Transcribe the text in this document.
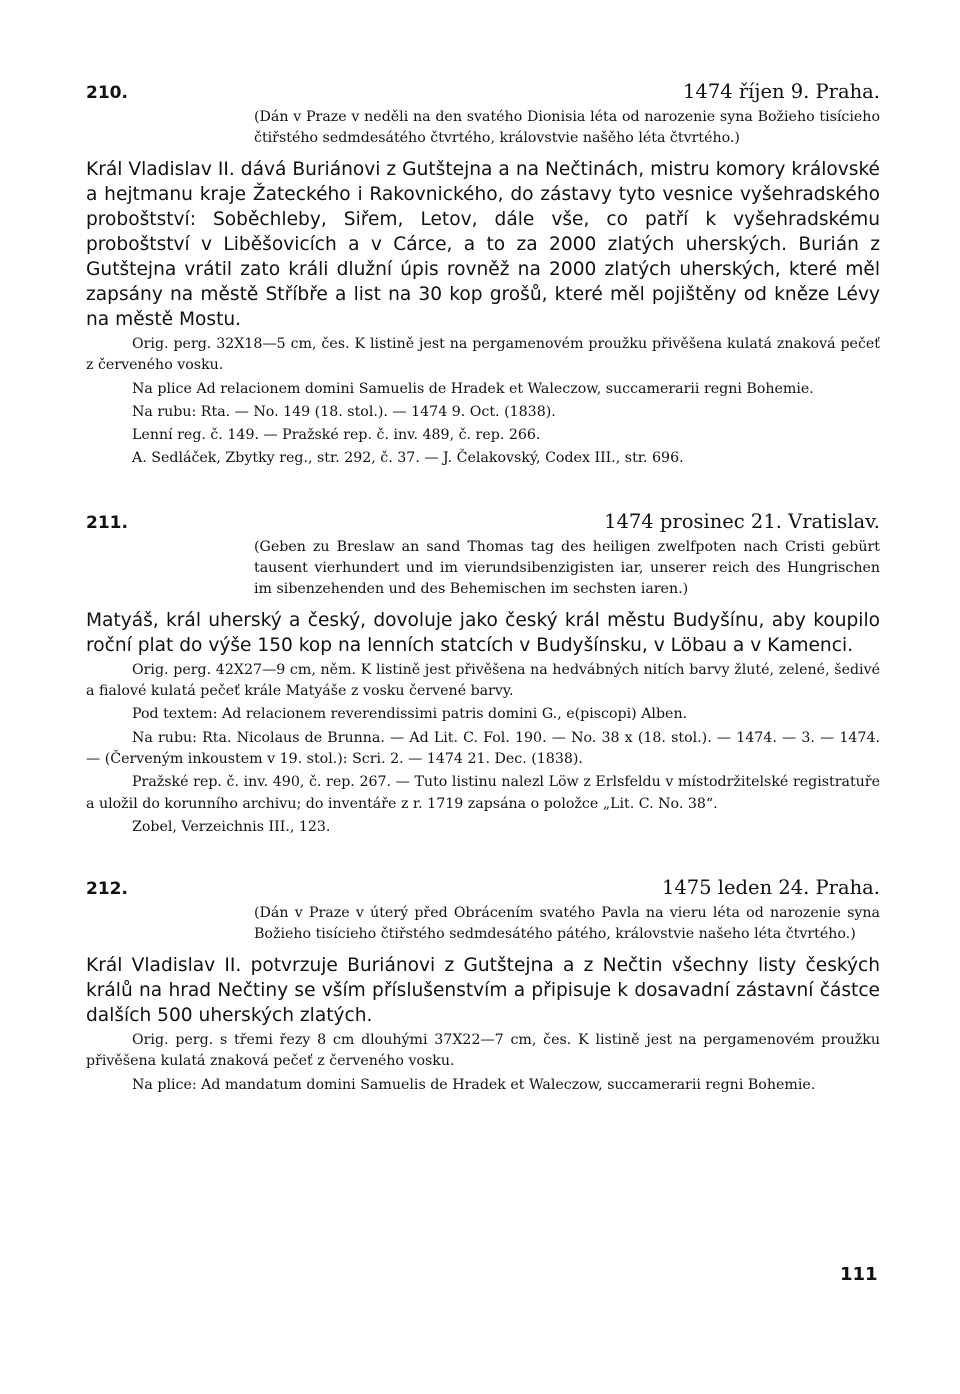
210.	1474 říjen 9. Praha.
(Dán v Praze v neděli na den svatého Dionisia léta od narozenie syna Božieho tisícieho čtiřstého sedmdesátého čtvrtého, královstvie našěho léta čtvrtého.)
Král Vladislav II. dává Buriánovi z Gutštejna a na Nečtinách, mistru komory královské a hejtmanu kraje Žateckého i Rakovnického, do zástavy tyto vesnice vyšehradského proboštství: Soběchleby, Siřem, Letov, dále vše, co patří k vyšehradskému proboštství v Liběšovicích a v Cárce, a to za 2000 zlatých uherských. Burián z Gutštejna vrátil zato králi dlužní úpis rovněž na 2000 zlatých uherských, které měl zapsány na městě Stříbře a list na 30 kop grošů, které měl pojištěny od kněze Lévy na městě Mostu.
Orig. perg. 32X18—5 cm, čes. K listině jest na pergamenovém proužku přivěšena kulatá znaková pečeť z červeného vosku.
Na plice Ad relacionem domini Samuelis de Hradek et Waleczow, succamerarii regni Bohemie.
Na rubu: Rta. — No. 149 (18. stol.). — 1474 9. Oct. (1838).
Lenní reg. č. 149. — Pražské rep. č. inv. 489, č. rep. 266.
A. Sedláček, Zbytky reg., str. 292, č. 37. — J. Čelakovský, Codex III., str. 696.
211.	1474 prosinec 21. Vratislav.
(Geben zu Breslaw an sand Thomas tag des heiligen zwelfpoten nach Cristi gebürt tausent vierhundert und im vierundsibenzigisten iar, unserer reich des Hungrischen im sibenzehenden und des Behemischen im sechsten iaren.)
Matyáš, král uherský a český, dovoluje jako český král městu Budyšínu, aby koupilo roční plat do výše 150 kop na lenních statcích v Budyšínsku, v Löbau a v Kamenci.
Orig. perg. 42X27—9 cm, něm. K listině jest přivěšena na hedvábných nitích barvy žluté, zelené, šedivé a fialové kulatá pečeť krále Matyáše z vosku červené barvy.
Pod textem: Ad relacionem reverendissimi patris domini G., e(piscopi) Alben.
Na rubu: Rta. Nicolaus de Brunna. — Ad Lit. C. Fol. 190. — No. 38 x (18. stol.). — 1474. — 3. — 1474. — (Červeným inkoustem v 19. stol.): Scri. 2. — 1474 21. Dec. (1838).
Pražské rep. č. inv. 490, č. rep. 267. — Tuto listinu nalezl Löw z Erlsfeldu v místodržitelské registratuře a uložil do korunního archivu; do inventáře z r. 1719 zapsána o položce „Lit. C. No. 38“.
Zobel, Verzeichnis III., 123.
212.	1475 leden 24. Praha.
(Dán v Praze v úterý před Obrácením svatého Pavla na vieru léta od narozenie syna Božieho tisícieho čtiřstého sedmdesátého pátého, královstvie našeho léta čtvrtého.)
Král Vladislav II. potvrzuje Buriánovi z Gutštejna a z Nečtin všechny listy českých králů na hrad Nečtiny se vším příslušenstvím a připisuje k dosavadní zástavní částce dalších 500 uherských zlatých.
Orig. perg. s třemi řezy 8 cm dlouhými 37X22—7 cm, čes. K listině jest na pergamenovém proužku přivěšena kulatá znaková pečeť z červeného vosku.
Na plice: Ad mandatum domini Samuelis de Hradek et Waleczow, succamerarii regni Bohemie.
111
